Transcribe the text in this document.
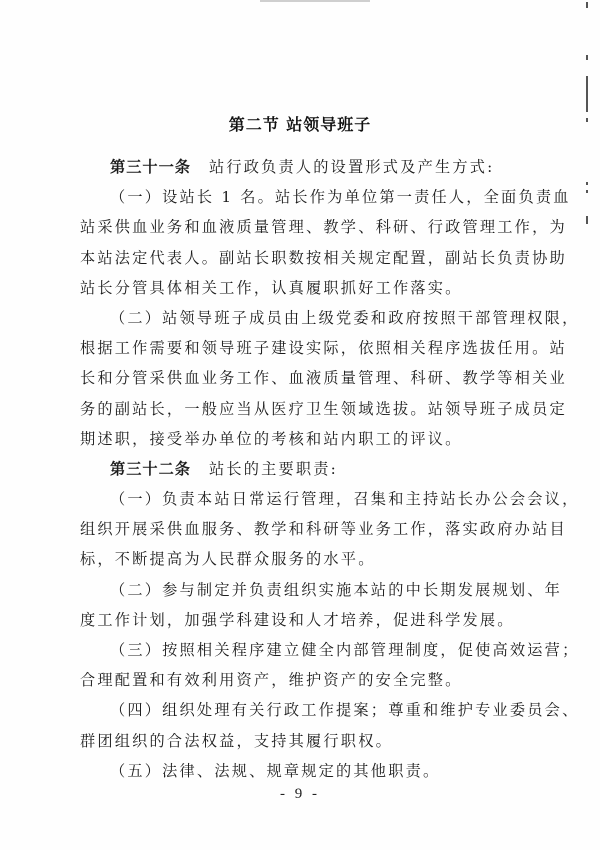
第二节 站领导班子
第三十一条 站行政负责人的设置形式及产生方式:
（一）设站长 1 名。站长作为单位第一责任人，全面负责血
站采供血业务和血液质量管理、教学、科研、行政管理工作，为
本站法定代表人。副站长职数按相关规定配置，副站长负责协助
站长分管具体相关工作，认真履职抓好工作落实。
（二）站领导班子成员由上级党委和政府按照干部管理权限，
根据工作需要和领导班子建设实际，依照相关程序选拔任用。站
长和分管采供血业务工作、血液质量管理、科研、教学等相关业
务的副站长，一般应当从医疗卫生领域选拔。站领导班子成员定
期述职，接受举办单位的考核和站内职工的评议。
第三十二条 站长的主要职责:
（一）负责本站日常运行管理，召集和主持站长办公会会议，
组织开展采供血服务、教学和科研等业务工作，落实政府办站目
标，不断提高为人民群众服务的水平。
（二）参与制定并负责组织实施本站的中长期发展规划、年
度工作计划，加强学科建设和人才培养，促进科学发展。
（三）按照相关程序建立健全内部管理制度，促使高效运营；
合理配置和有效利用资产，维护资产的安全完整。
（四）组织处理有关行政工作提案；尊重和维护专业委员会、
群团组织的合法权益，支持其履行职权。
（五）法律、法规、规章规定的其他职责。
- 9 -
